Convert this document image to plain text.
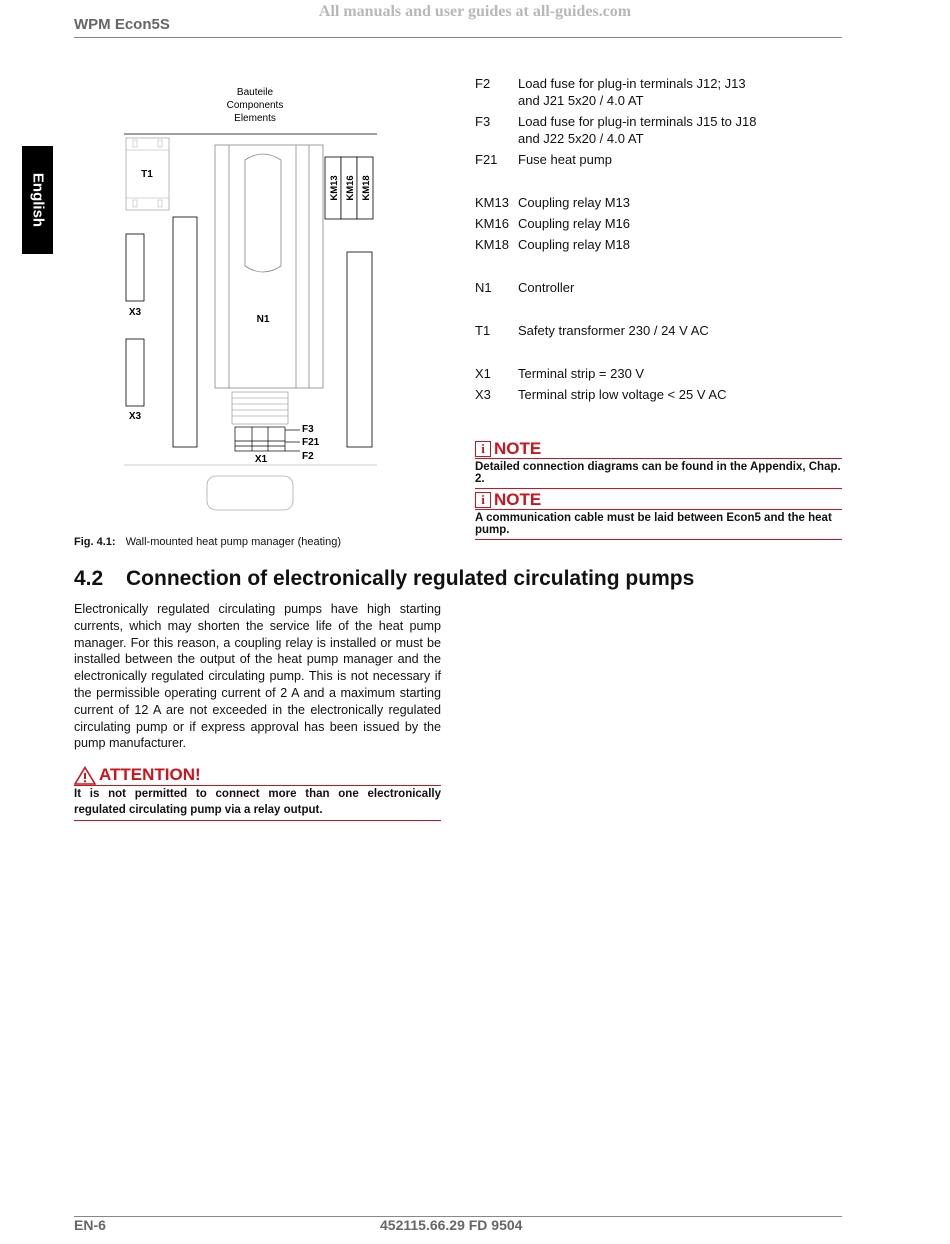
All manuals and user guides at all-guides.com
WPM Econ5S
English
Bauteile
Components
Elements
T1
X3
X3
N1
F3
F21
F2
X1
KM13 KM16 KM18
Fig. 4.1: Wall-mounted heat pump manager (heating)
F2	Load fuse for plug-in terminals J12; J13
and J21 5x20 / 4.0 AT
F3	Load fuse for plug-in terminals J15 to J18
and J22 5x20 / 4.0 AT
F21	Fuse heat pump
KM13 Coupling relay M13
KM16 Coupling relay M16
KM18 Coupling relay M18
N1	Controller
T1	Safety transformer 230 / 24 V AC
X1	Terminal strip = 230 V
X3	Terminal strip low voltage < 25 V AC
i NOTE
Detailed connection diagrams can be found in the Appendix, Chap. 2.
i NOTE
A communication cable must be laid between Econ5 and the heat pump.
4.2 Connection of electronically regulated circulating pumps
Electronically regulated circulating pumps have high starting currents, which may shorten the service life of the heat pump manager. For this reason, a coupling relay is installed or must be installed between the output of the heat pump manager and the electronically regulated circulating pump. This is not necessary if the permissible operating current of 2 A and a maximum starting current of 12 A are not exceeded in the electronically regulated circulating pump or if express approval has been issued by the pump manufacturer.
ATTENTION!
It is not permitted to connect more than one electronically regulated circulating pump via a relay output.
EN-6	452115.66.29 FD 9504
